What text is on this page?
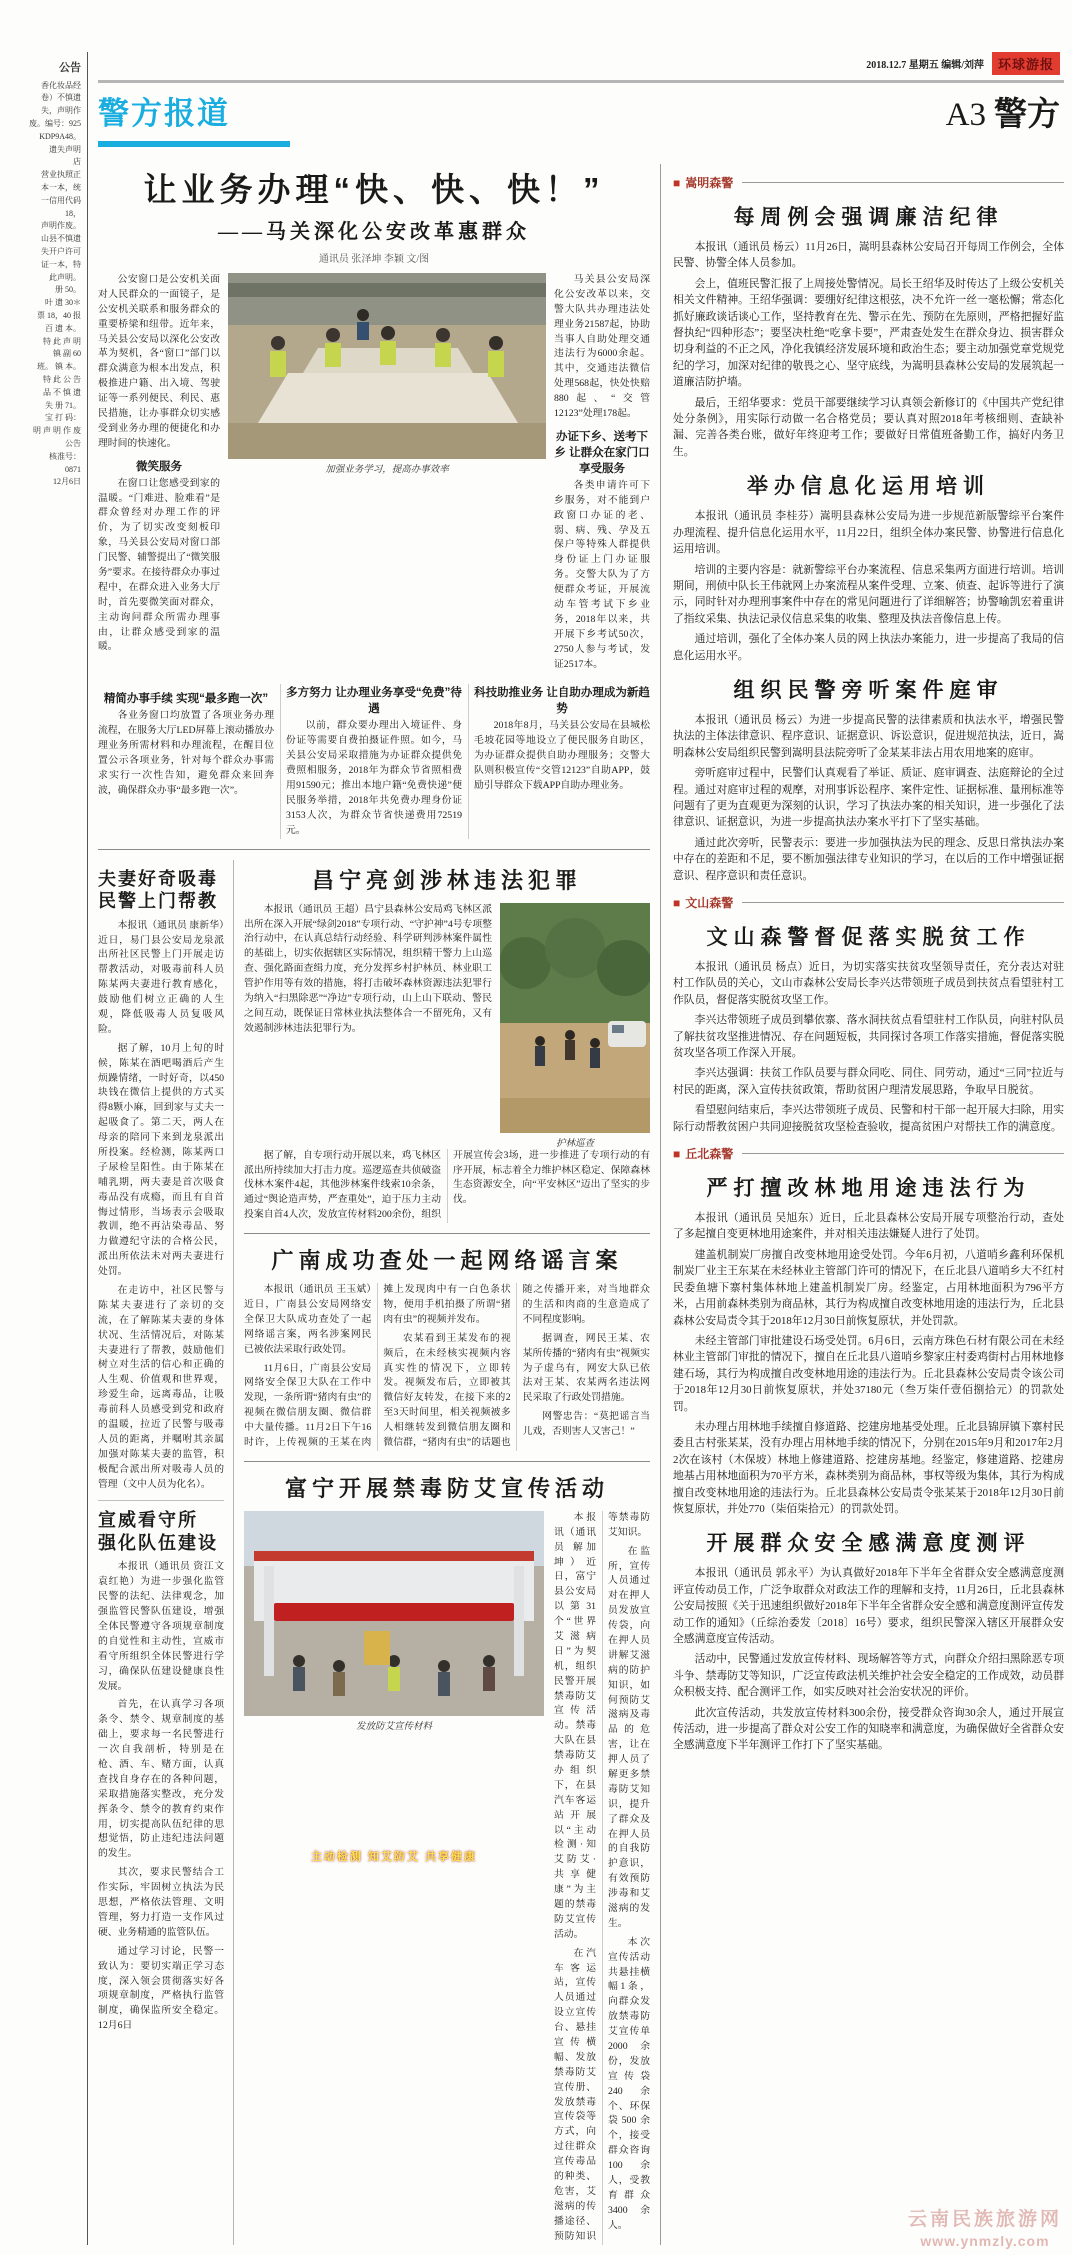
公告
香化妆品经
卷）不慎遗
失，声明作
废。编号：925
KDP9A48。
遗失声明
店
营业执照正
本一本，统
一信用代码
18，
声明作废。
山县不慎遗
失开户许可
证一本，特
此声明。
册 50。
叶 遗 30＊
票 18，40 报
百 遗 本。
特 此 声 明
镇 副 60
班。 镇 本。
特 此 公 告
品 不 慎 遗
失 册 71。
宝 打 码：
明 声 明 作 废
公告
核准号：
0871
12月6日
2018.12.7 星期五 编辑/刘萍	环球游报
警方报道	A3 警方
让业务办理“快、快、快！”
——马关深化公安改革惠群众
通讯员 张泽坤 李颖 文/图

公安窗口是公安机关面对人民群众的一面镜子，是公安机关联系和服务群众的重要桥梁和纽带。近年来，马关县公安局以深化公安改革为契机，各“窗口”部门以群众满意为根本出发点，积极推进户籍、出入境、驾驶证等一系列便民、利民、惠民措施，让办事群众切实感受到业务办理的便捷化和办理时间的快速化。

微笑服务

在窗口让您感受到家的温暖。“门难进、脸难看”是群众曾经对办理工作的评价，为了切实改变刻板印象，马关县公安局对窗口部门民警、辅警提出了“微笑服务”要求。在接待群众办事过程中，在群众进入业务大厅时，首先要微笑面对群众，主动询问群众所需办理事由，让群众感受到家的温暖。

加强业务学习，提高办事效率

马关县公安局深化公安改革以来，交警大队共办理违法处理业务21587起，协助当事人自助处理交通违法行为6000余起。其中，交通违法微信处理568起，快处快赔880起、“交管12123”处理178起。

办证下乡、送考下乡 让群众在家门口享受服务

各类申请许可下乡服务，对不能到户政窗口办证的老、弱、病、残、孕及五保户等特殊人群提供身份证上门办证服务。交警大队为了方便群众考证，开展流动车管考试下乡业务，2018年以来，共开展下乡考试50次，2750人参与考试，发证2517本。

精简办事手续 实现“最多跑一次”

各业务窗口均放置了各项业务办理流程，在服务大厅LED屏幕上滚动播放办理业务所需材料和办理流程，在醒目位置公示各项业务，针对每个群众办事需求实行一次性告知，避免群众来回奔波，确保群众办事“最多跑一次”。

多方努力 让办理业务享受“免费”待遇

以前，群众要办理出入境证件、身份证等需要自费拍摄证件照。如今，马关县公安局采取措施为办证群众提供免费照相服务，2018年为群众节省照相费用91590元；推出本地户籍“免费快递”便民服务举措，2018年共免费办理身份证3153人次，为群众节省快递费用72519元。

科技助推业务 让自助办理成为新趋势

2018年8月，马关县公安局在县城松毛坡花园等地设立了便民服务自助区，为办证群众提供自助办理服务；交警大队则积极宣传“交管12123”自助APP，鼓励引导群众下载APP自助办理业务。

夫妻好奇吸毒
民警上门帮教

本报讯（通讯员 康新华）近日，易门县公安局龙泉派出所社区民警上门开展走访帮教活动，对吸毒前科人员陈某两夫妻进行教育感化，鼓励他们树立正确的人生观，降低吸毒人员复吸风险。

据了解，10月上旬的时候，陈某在酒吧喝酒后产生烦躁情绪，一时好奇，以450块钱在微信上提供的方式买得8颗小麻，回到家与丈夫一起吸食了。第二天，两人在母亲的陪同下来到龙泉派出所投案。经检测，陈某两口子尿检呈阳性。由于陈某在哺乳期，两夫妻是首次吸食毒品没有成瘾，而且有自首悔过情形，当场表示会吸取教训，绝不再沾染毒品、努力做遵纪守法的合格公民，派出所依法未对两夫妻进行处罚。

在走访中，社区民警与陈某夫妻进行了亲切的交流，在了解陈某夫妻的身体状况、生活情况后，对陈某夫妻进行了帮教，鼓励他们树立对生活的信心和正确的人生观、价值观和世界观，珍爱生命，远离毒品，让吸毒前科人员感受到党和政府的温暖，拉近了民警与吸毒人员的距离，并嘱咐其亲属加强对陈某夫妻的监管，积极配合派出所对吸毒人员的管理（文中人员为化名）。

宣威看守所
强化队伍建设

本报讯（通讯员 资江文 袁红艳）为进一步强化监管民警的法纪、法律观念，加强监管民警队伍建设，增强全体民警遵守各项规章制度的自觉性和主动性，宣威市看守所组织全体民警进行学习，确保队伍建设健康良性发展。

首先，在认真学习各项条令、禁令、规章制度的基础上，要求每一名民警进行一次自我剖析，特别是在枪、酒、车、赌方面，认真查找自身存在的各种问题，采取措施落实整改，充分发挥条令、禁令的教育约束作用，切实提高队伍纪律的思想觉悟，防止违纪违法问题的发生。

其次，要求民警结合工作实际，牢固树立执法为民思想，严格依法管理、文明管理，努力打造一支作风过硬、业务精通的监管队伍。

通过学习讨论，民警一致认为：要切实端正学习态度，深入领会贯彻落实好各项规章制度，严格执行监管制度，确保监所安全稳定。12月6日

昌宁亮剑涉林违法犯罪

本报讯（通讯员 王超）昌宁县森林公安局鸡飞林区派出所在深入开展“绿剑2018”专项行动、“守护神”4号专项整治行动中，在认真总结行动经验、科学研判涉林案件属性的基础上，切实依据辖区实际情况，组织精干警力上山巡查、强化路面查缉力度，充分发挥乡村护林员、林业职工管护作用等有效的措施，将打击破坏森林资源违法犯罪行为纳入“扫黑除恶”“净边”专项行动，山上山下联动、警民之间互动，既保证日常林业执法整体合一不留死角，又有效遏制涉林违法犯罪行为。

护林巡查

据了解，自专项行动开展以来，鸡飞林区派出所持续加大打击力度。巡逻巡查共侦破盗伐林木案件4起，其他涉林案件线索10余条，通过“舆论造声势，严查重处”，迫于压力主动投案自首4人次，发放宣传材料200余份，组织开展宣传会3场，进一步推进了专项行动的有序开展，标志着全力维护林区稳定、保障森林生态资源安全，向“平安林区”迈出了坚实的步伐。

广南成功查处一起网络谣言案

本报讯（通讯员 王玉斌）近日，广南县公安局网络安全保卫大队成功查处了一起网络谣言案，两名涉案网民已被依法采取行政处罚。

11月6日，广南县公安局网络安全保卫大队在工作中发现，一条所谓“猪肉有虫”的视频在微信朋友圈、微信群中大量传播。11月2日下午16时许，上传视频的王某在肉摊上发现肉中有一白色条状物，便用手机拍摄了所谓“猪肉有虫”的视频并发布。

农某看到王某发布的视频后，在未经核实视频内容真实性的情况下，立即转发。视频发布后，立即被其微信好友转发，在接下来的2至3天时间里，相关视频被多人相继转发到微信朋友圈和微信群，“猪肉有虫”的话题也随之传播开来，对当地群众的生活和肉商的生意造成了不同程度影响。

据调查，网民王某、农某所传播的“猪肉有虫”视频实为子虚乌有，网安大队已依法对王某、农某两名违法网民采取了行政处罚措施。

网警忠告：“莫把谣言当儿戏，否则害人又害己！”

富宁开展禁毒防艾宣传活动
主动检测 知艾防艾 共享健康
发放防艾宣传材料

本报讯（通讯员 解加坤）近日，富宁县公安局以第31个“世界艾滋病日”为契机，组织民警开展禁毒防艾宣传活动。禁毒大队在县禁毒防艾办组织下，在县汽车客运站开展以“主动检测·知艾防艾·共享健康”为主题的禁毒防艾宣传活动。

在汽车客运站，宣传人员通过设立宣传台、悬挂宣传横幅、发放禁毒防艾宣传册、发放禁毒宣传袋等方式，向过往群众宣传毒品的种类、危害，艾滋病的传播途径、预防知识等禁毒防艾知识。

在监所，宣传人员通过对在押人员发放宣传袋，向在押人员讲解艾滋病的防护知识，如何预防艾滋病及毒品的危害，让在押人员了解更多禁毒防艾知识，提升了群众及在押人员的自我防护意识，有效预防涉毒和艾滋病的发生。

本次宣传活动共悬挂横幅1条，向群众发放禁毒防艾宣传单2000余份，发放宣传袋240余个、环保袋500余个，接受群众咨询100余人，受教育群众3400余人。

■ 嵩明森警
每周例会强调廉洁纪律

本报讯（通讯员 杨云）11月26日，嵩明县森林公安局召开每周工作例会，全体民警、协警全体人员参加。

会上，值班民警汇报了上周接处警情况。局长王绍华及时传达了上级公安机关相关文件精神。王绍华强调：要绷好纪律这根弦，决不允许一丝一毫松懈；常态化抓好廉政谈话谈心工作，坚持教育在先、警示在先、预防在先原则，严格把握好监督执纪“四种形态”；要坚决杜绝“吃拿卡要”，严肃查处发生在群众身边、损害群众切身利益的不正之风，净化我镇经济发展环境和政治生态；要主动加强党章党规党纪的学习，加深对纪律的敬畏之心、坚守底线，为嵩明县森林公安局的发展筑起一道廉洁防护墙。

最后，王绍华要求：党员干部要继续学习认真领会新修订的《中国共产党纪律处分条例》，用实际行动做一名合格党员；要认真对照2018年考核细则、查缺补漏、完善各类台账，做好年终迎考工作；要做好日常值班备勤工作，搞好内务卫生。

举办信息化运用培训

本报讯（通讯员 李桂芬）嵩明县森林公安局为进一步规范新版警综平台案件办理流程、提升信息化运用水平，11月22日，组织全体办案民警、协警进行信息化运用培训。

培训的主要内容是：就新警综平台办案流程、信息采集两方面进行培训。培训期间，刑侦中队长王伟就网上办案流程从案件受理、立案、侦查、起诉等进行了演示，同时针对办理刑事案件中存在的常见问题进行了详细解答；协警喻凯宏着重讲了指纹采集、执法记录仪信息采集的收集、整理及执法音像信息上传。

通过培训，强化了全体办案人员的网上执法办案能力，进一步提高了我局的信息化运用水平。

组织民警旁听案件庭审

本报讯（通讯员 杨云）为进一步提高民警的法律素质和执法水平，增强民警执法的主体法律意识、程序意识、证据意识、诉讼意识，促进规范执法，近日，嵩明森林公安局组织民警到嵩明县法院旁听了金某某非法占用农用地案的庭审。

旁听庭审过程中，民警们认真观看了举证、质证、庭审调查、法庭辩论的全过程。通过对庭审过程的观摩，对刑事诉讼程序、案件定性、证据标准、量刑标准等问题有了更为直观更为深刻的认识，学习了执法办案的相关知识，进一步强化了法律意识、证据意识，为进一步提高执法办案水平打下了坚实基础。

通过此次旁听，民警表示：要进一步加强执法为民的理念、反思日常执法办案中存在的差距和不足，要不断加强法律专业知识的学习，在以后的工作中增强证据意识、程序意识和责任意识。

■ 文山森警
文山森警督促落实脱贫工作

本报讯（通讯员 杨点）近日，为切实落实扶贫攻坚领导责任，充分表达对驻村工作队员的关心，文山市森林公安局长李兴达带领班子成员到扶贫点看望驻村工作队员，督促落实脱贫攻坚工作。

李兴达带领班子成员到攀依寨、落水洞扶贫点看望驻村工作队员，向驻村队员了解扶贫攻坚推进情况、存在问题短板，共同探讨各项工作落实措施，督促落实脱贫攻坚各项工作深入开展。

李兴达强调：扶贫工作队员要与群众同吃、同住、同劳动，通过“三同”拉近与村民的距离，深入宣传扶贫政策，帮助贫困户理清发展思路，争取早日脱贫。

看望慰问结束后，李兴达带领班子成员、民警和村干部一起开展大扫除，用实际行动帮教贫困户共同迎接脱贫攻坚检查验收，提高贫困户对帮扶工作的满意度。

■ 丘北森警
严打擅改林地用途违法行为

本报讯（通讯员 吴旭东）近日，丘北县森林公安局开展专项整治行动，查处了多起擅自变更林地用途案件，并对相关违法嫌疑人进行了处罚。

建盖机制炭厂房擅自改变林地用途受处罚。今年6月初，八道哨乡鑫利环保机制炭厂业主王东某在未经林业主管部门许可的情况下，在丘北县八道哨乡大不红村民委鱼塘下寨村集体林地上建盖机制炭厂房。经鉴定，占用林地面积为796平方米，占用前森林类别为商品林，其行为构成擅自改变林地用途的违法行为，丘北县森林公安局责令其于2018年12月30日前恢复原状，并处罚款。

未经主管部门审批建设石场受处罚。6月6日，云南方珠色石材有限公司在未经林业主管部门审批的情况下，擅自在丘北县八道哨乡黎家庄村委鸡街村占用林地修建石场，其行为构成擅自改变林地用途的违法行为。丘北县森林公安局责令该公司于2018年12月30日前恢复原状，并处37180元（叁万柒仟壹佰捌拾元）的罚款处罚。

未办理占用林地手续擅自修道路、挖建房地基受处理。丘北县锦屏镇下寨村民委且古村张某某，没有办理占用林地手续的情况下，分别在2015年9月和2017年2月2次在该村（木保坡）林地上修建道路、挖建房基地。经鉴定，修建道路、挖建房地基占用林地面积为70平方米，森林类别为商品林，事权等级为集体，其行为构成擅自改变林地用途的违法行为。丘北县森林公安局责令张某某于2018年12月30日前恢复原状，并处770（柒佰柒拾元）的罚款处罚。

开展群众安全感满意度测评

本报讯（通讯员 郭永平）为认真做好2018年下半年全省群众安全感满意度测评宣传动员工作，广泛争取群众对政法工作的理解和支持，11月26日，丘北县森林公安局按照《关于迅速组织做好2018年下半年全省群众安全感和满意度测评宣传发动工作的通知》（丘综治委发〔2018〕16号）要求，组织民警深入辖区开展群众安全感满意度宣传活动。

活动中，民警通过发放宣传材料、现场解答等方式，向群众介绍扫黑除恶专项斗争、禁毒防艾等知识，广泛宣传政法机关维护社会安全稳定的工作成效，动员群众积极支持、配合测评工作，如实反映对社会治安状况的评价。

此次宣传活动，共发放宣传材料300余份，接受群众咨询30余人，通过开展宣传活动，进一步提高了群众对公安工作的知晓率和满意度，为确保做好全省群众安全感满意度下半年测评工作打下了坚实基础。

云南民族旅游网
www.ynmzly.com
